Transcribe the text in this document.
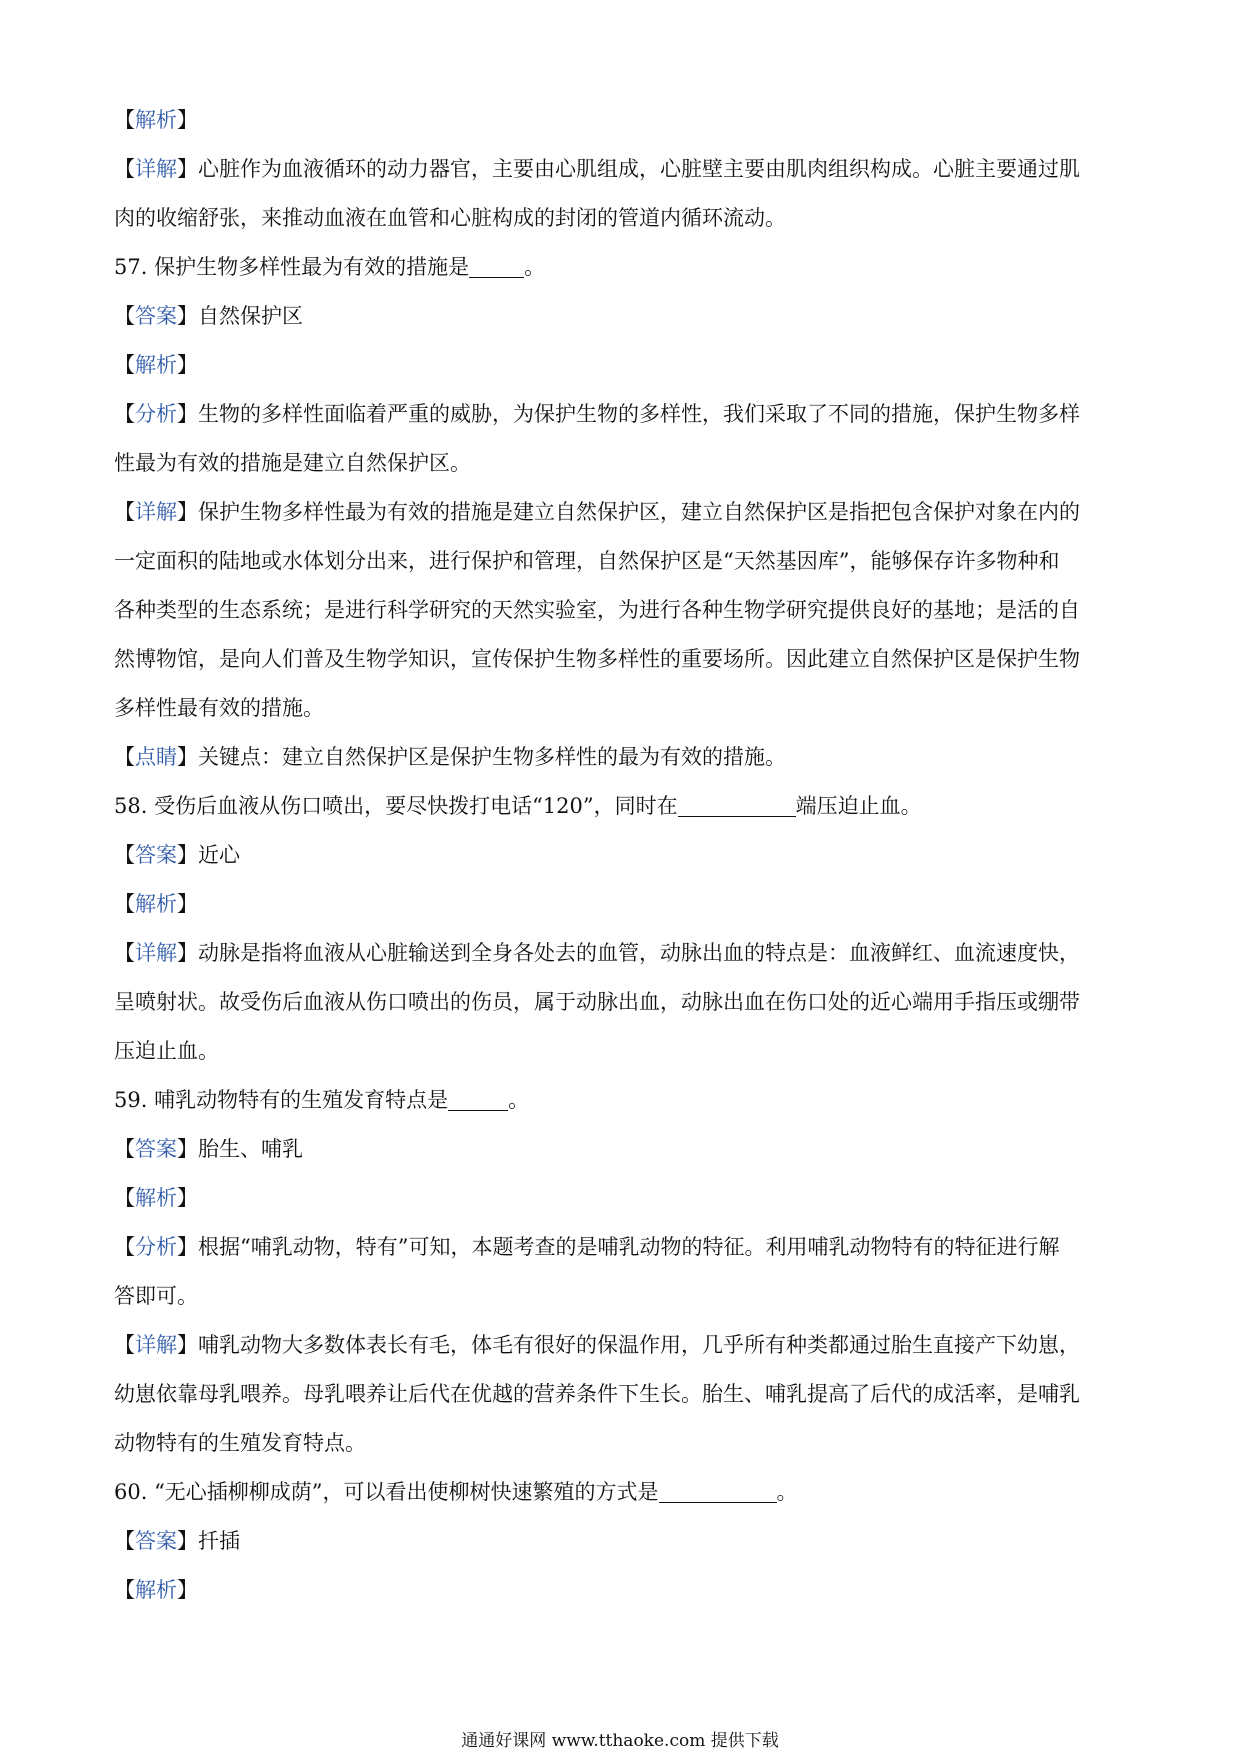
【解析】
【详解】心脏作为血液循环的动力器官，主要由心肌组成，心脏壁主要由肌肉组织构成。心脏主要通过肌
肉的收缩舒张，来推动血液在血管和心脏构成的封闭的管道内循环流动。
57. 保护生物多样性最为有效的措施是	。
【答案】自然保护区
【解析】
【分析】生物的多样性面临着严重的威胁，为保护生物的多样性，我们采取了不同的措施，保护生物多样
性最为有效的措施是建立自然保护区。
【详解】保护生物多样性最为有效的措施是建立自然保护区，建立自然保护区是指把包含保护对象在内的
一定面积的陆地或水体划分出来，进行保护和管理，自然保护区是“天然基因库”，能够保存许多物种和
各种类型的生态系统；是进行科学研究的天然实验室，为进行各种生物学研究提供良好的基地；是活的自
然博物馆，是向人们普及生物学知识，宣传保护生物多样性的重要场所。因此建立自然保护区是保护生物
多样性最有效的措施。
【点睛】关键点：建立自然保护区是保护生物多样性的最为有效的措施。
58. 受伤后血液从伤口喷出，要尽快拨打电话“120”，同时在	端压迫止血。
【答案】近心
【解析】
【详解】动脉是指将血液从心脏输送到全身各处去的血管，动脉出血的特点是：血液鲜红、血流速度快，
呈喷射状。故受伤后血液从伤口喷出的伤员，属于动脉出血，动脉出血在伤口处的近心端用手指压或绷带
压迫止血。
59. 哺乳动物特有的生殖发育特点是	。
【答案】胎生、哺乳
【解析】
【分析】根据“哺乳动物，特有”可知，本题考查的是哺乳动物的特征。利用哺乳动物特有的特征进行解
答即可。
【详解】哺乳动物大多数体表长有毛，体毛有很好的保温作用，几乎所有种类都通过胎生直接产下幼崽，
幼崽依靠母乳喂养。母乳喂养让后代在优越的营养条件下生长。胎生、哺乳提高了后代的成活率，是哺乳
动物特有的生殖发育特点。
60. “无心插柳柳成荫”，可以看出使柳树快速繁殖的方式是	。
【答案】扦插
【解析】
通通好课网 www.tthaoke.com 提供下载
